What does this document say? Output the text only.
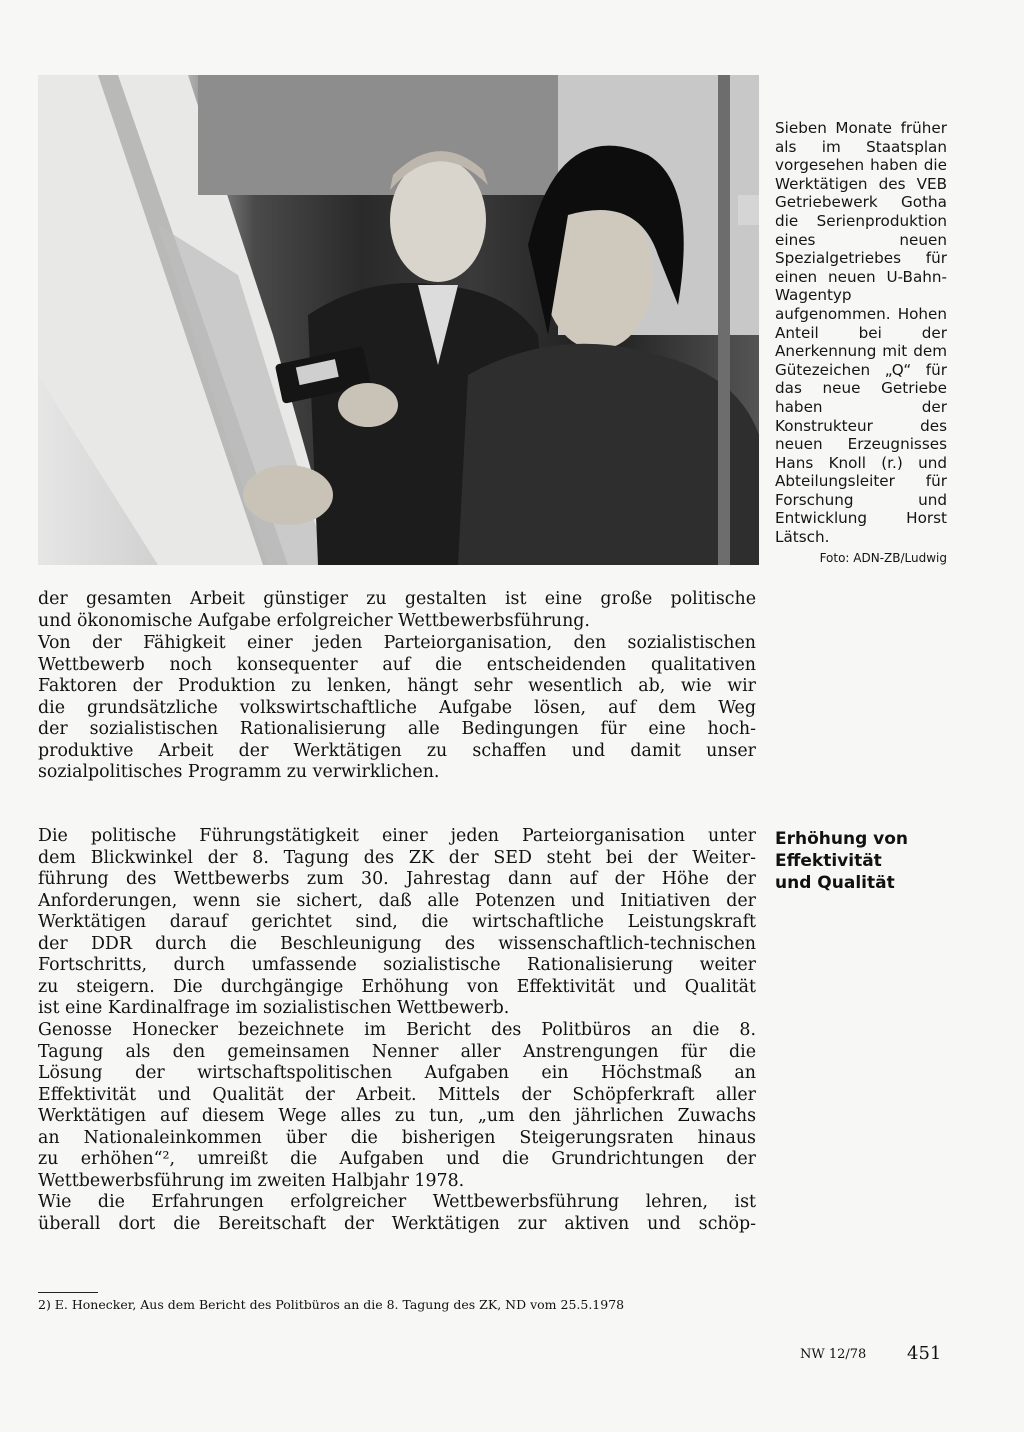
Sieben Monate früher als im Staatsplan vorgesehen haben die Werktätigen des VEB Getriebewerk Gotha die Serienproduktion eines neuen Spezialgetriebes für einen neuen U-Bahn-Wagentyp aufgenommen. Hohen Anteil bei der Anerkennung mit dem Gütezeichen „Q“ für das neue Getriebe haben der Konstrukteur des neuen Erzeugnisses Hans Knoll (r.) und Abteilungsleiter für Forschung und Entwicklung Horst Lätsch.
Foto: ADN-ZB/Ludwig
der gesamten Arbeit günstiger zu gestalten ist eine große politische
und ökonomische Aufgabe erfolgreicher Wettbewerbsführung.
Von der Fähigkeit einer jeden Parteiorganisation, den sozialistischen
Wettbewerb noch konsequenter auf die entscheidenden qualitativen
Faktoren der Produktion zu lenken, hängt sehr wesentlich ab, wie wir
die grundsätzliche volkswirtschaftliche Aufgabe lösen, auf dem Weg
der sozialistischen Rationalisierung alle Bedingungen für eine hoch-
produktive Arbeit der Werktätigen zu schaffen und damit unser
sozialpolitisches Programm zu verwirklichen.
Erhöhung von
Effektivität
und Qualität
Die politische Führungstätigkeit einer jeden Parteiorganisation unter
dem Blickwinkel der 8. Tagung des ZK der SED steht bei der Weiter-
führung des Wettbewerbs zum 30. Jahrestag dann auf der Höhe der
Anforderungen, wenn sie sichert, daß alle Potenzen und Initiativen der
Werktätigen darauf gerichtet sind, die wirtschaftliche Leistungskraft
der DDR durch die Beschleunigung des wissenschaftlich-technischen
Fortschritts, durch umfassende sozialistische Rationalisierung weiter
zu steigern. Die durchgängige Erhöhung von Effektivität und Qualität
ist eine Kardinalfrage im sozialistischen Wettbewerb.
Genosse Honecker bezeichnete im Bericht des Politbüros an die 8.
Tagung als den gemeinsamen Nenner aller Anstrengungen für die
Lösung der wirtschaftspolitischen Aufgaben ein Höchstmaß an
Effektivität und Qualität der Arbeit. Mittels der Schöpferkraft aller
Werktätigen auf diesem Wege alles zu tun, „um den jährlichen Zuwachs
an Nationaleinkommen über die bisherigen Steigerungsraten hinaus
zu erhöhen“², umreißt die Aufgaben und die Grundrichtungen der
Wettbewerbsführung im zweiten Halbjahr 1978.
Wie die Erfahrungen erfolgreicher Wettbewerbsführung lehren, ist
überall dort die Bereitschaft der Werktätigen zur aktiven und schöp-
2) E. Honecker, Aus dem Bericht des Politbüros an die 8. Tagung des ZK, ND vom 25.5.1978
NW 12/78 451
